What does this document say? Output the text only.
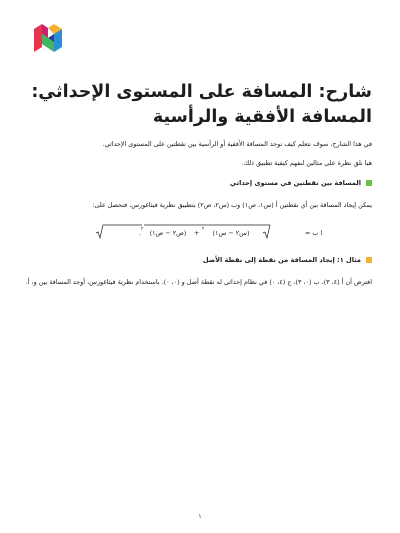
شارح: المسافة على المستوى الإحداثي: المسافة الأفقية والرأسية

في هذا الشارح، سوف نتعلم كيف نوجد المسافة الأفقية أو الرأسية بين نقطتين على المستوى الإحداثي.

هيا نلق نظرة على مثالين لنفهم كيفية تطبيق ذلك.

المسافة بين نقطتين في مستوى إحداثي

يمكن إيجاد المسافة بين أي نقطتين أ (س١، ص١) وب (س٢، ص٢) بتطبيق نظرية فيثاغورس، فنحصل على:

. ٢ (ص٢ − ص١) + ٢ (س٢ − س١)	ا ب =
مثال ١: إيجاد المسافة من نقطة إلى نقطة الأصل

افترض أن أ (٤، ٣)، ب (٠، ٣)، ج (٤، ٠) في نظام إحداثي له نقطة أصل و (٠، ٠). باستخدام نظرية فيثاغورس، أوجد المسافة بين و، أ.

١
